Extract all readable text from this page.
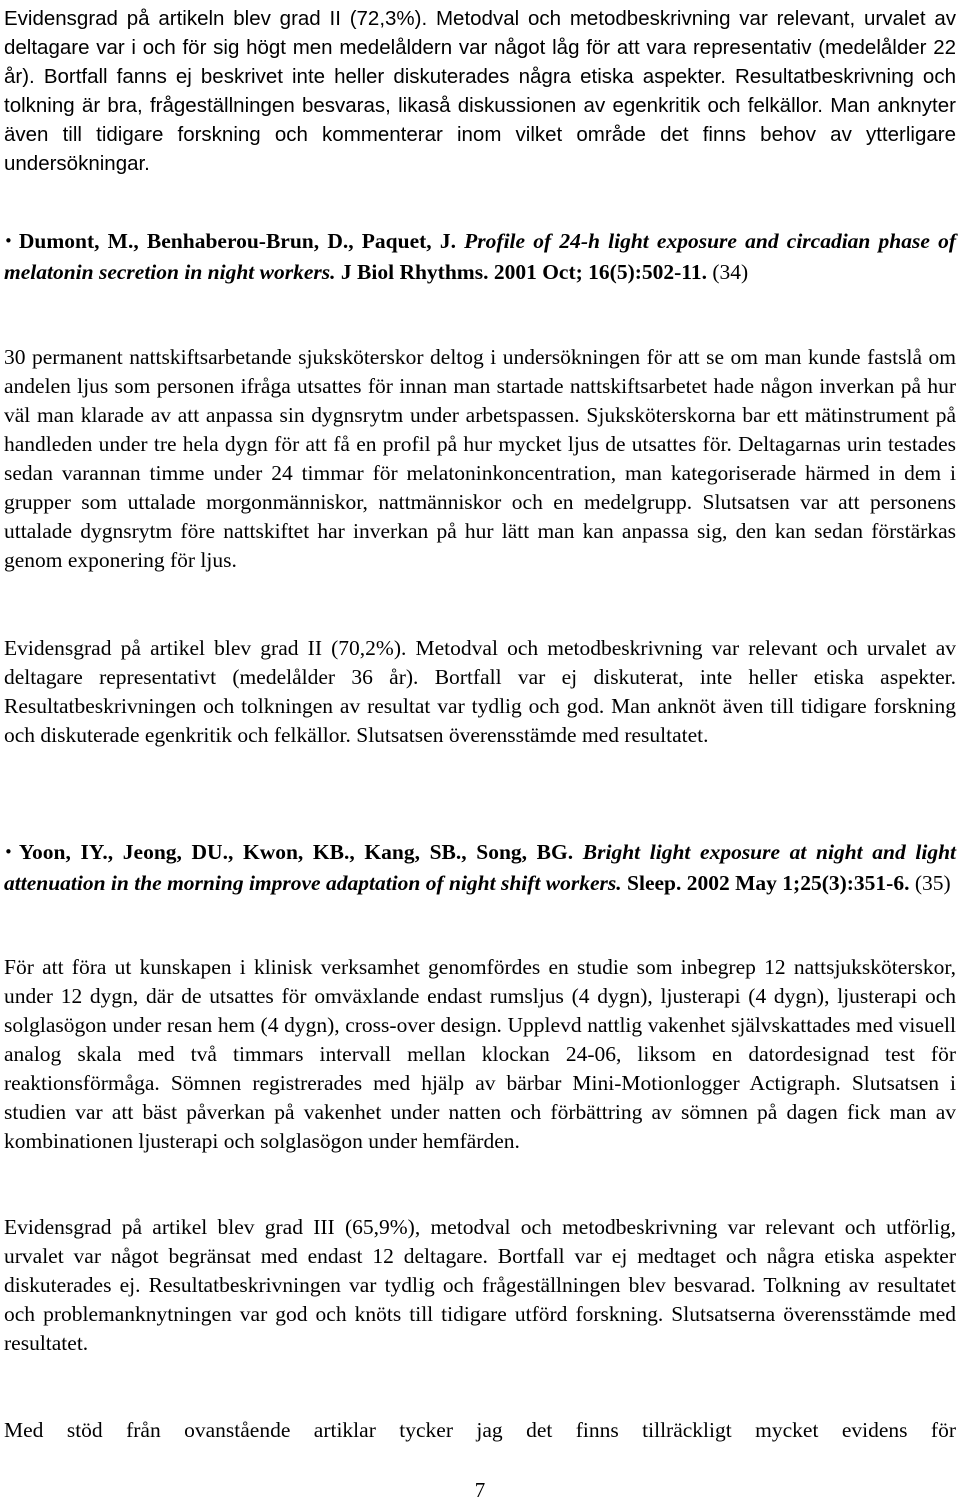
Evidensgrad på artikeln blev grad II (72,3%). Metodval och metodbeskrivning var relevant, urvalet av deltagare var i och för sig högt men medelåldern var något låg för att vara representativ (medelålder 22 år). Bortfall fanns ej beskrivet inte heller diskuterades några etiska aspekter. Resultatbeskrivning och tolkning är bra, frågeställningen besvaras, likaså diskussionen av egenkritik och felkällor. Man anknyter även till tidigare forskning och kommenterar inom vilket område det finns behov av ytterligare undersökningar.

• Dumont, M., Benhaberou-Brun, D., Paquet, J. Profile of 24-h light exposure and circadian phase of melatonin secretion in night workers. J Biol Rhythms. 2001 Oct; 16(5):502-11. (34)

30 permanent nattskiftsarbetande sjuksköterskor deltog i undersökningen för att se om man kunde fastslå om andelen ljus som personen ifråga utsattes för innan man startade nattskiftsarbetet hade någon inverkan på hur väl man klarade av att anpassa sin dygnsrytm under arbetspassen. Sjuksköterskorna bar ett mätinstrument på handleden under tre hela dygn för att få en profil på hur mycket ljus de utsattes för. Deltagarnas urin testades sedan varannan timme under 24 timmar för melatoninkoncentration, man kategoriserade härmed in dem i grupper som uttalade morgonmänniskor, nattmänniskor och en medelgrupp. Slutsatsen var att personens uttalade dygnsrytm före nattskiftet har inverkan på hur lätt man kan anpassa sig, den kan sedan förstärkas genom exponering för ljus.

Evidensgrad på artikel blev grad II (70,2%). Metodval och metodbeskrivning var relevant och urvalet av deltagare representativt (medelålder 36 år). Bortfall var ej diskuterat, inte heller etiska aspekter. Resultatbeskrivningen och tolkningen av resultat var tydlig och god. Man anknöt även till tidigare forskning och diskuterade egenkritik och felkällor. Slutsatsen överensstämde med resultatet.

• Yoon, IY., Jeong, DU., Kwon, KB., Kang, SB., Song, BG. Bright light exposure at night and light attenuation in the morning improve adaptation of night shift workers. Sleep. 2002 May 1;25(3):351-6. (35)

För att föra ut kunskapen i klinisk verksamhet genomfördes en studie som inbegrep 12 nattsjuksköterskor, under 12 dygn, där de utsattes för omväxlande endast rumsljus (4 dygn), ljusterapi (4 dygn), ljusterapi och solglasögon under resan hem (4 dygn), cross-over design. Upplevd nattlig vakenhet självskattades med visuell analog skala med två timmars intervall mellan klockan 24-06, liksom en datordesignad test för reaktionsförmåga. Sömnen registrerades med hjälp av bärbar Mini-Motionlogger Actigraph. Slutsatsen i studien var att bäst påverkan på vakenhet under natten och förbättring av sömnen på dagen fick man av kombinationen ljusterapi och solglasögon under hemfärden.

Evidensgrad på artikel blev grad III (65,9%), metodval och metodbeskrivning var relevant och utförlig, urvalet var något begränsat med endast 12 deltagare. Bortfall var ej medtaget och några etiska aspekter diskuterades ej. Resultatbeskrivningen var tydlig och frågeställningen blev besvarad. Tolkning av resultatet och problemanknytningen var god och knöts till tidigare utförd forskning. Slutsatserna överensstämde med resultatet.

Med stöd från ovanstående artiklar tycker jag det finns tillräckligt mycket evidens för

7
